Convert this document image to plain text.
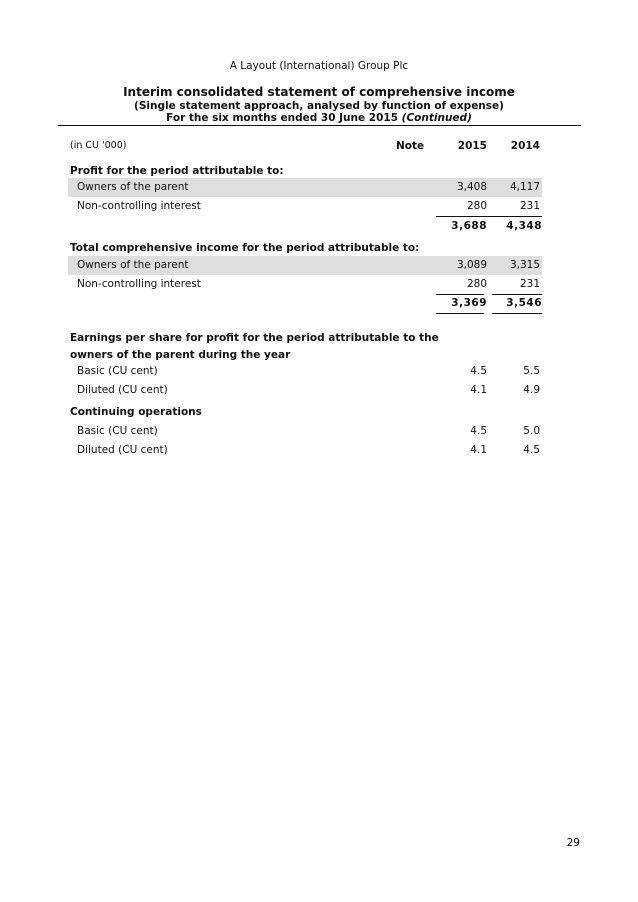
A Layout (International) Group Plc
Interim consolidated statement of comprehensive income
(Single statement approach, analysed by function of expense)
For the six months ended 30 June 2015 (Continued)
(in CU '000)	Note	2015 2014
Profit for the period attributable to:
Owners of the parent	3,408 4,117
Non-controlling interest	280	231
3,688	4,348
Total comprehensive income for the period attributable to:
Owners of the parent	3,089 3,315
Non-controlling interest	280	231
3,369	3,546
Earnings per share for profit for the period attributable to the
owners of the parent during the year
Basic (CU cent)	4.5	5.5
Diluted (CU cent)	4.1	4.9
Continuing operations
Basic (CU cent)	4.5	5.0
Diluted (CU cent)	4.1	4.5
29
